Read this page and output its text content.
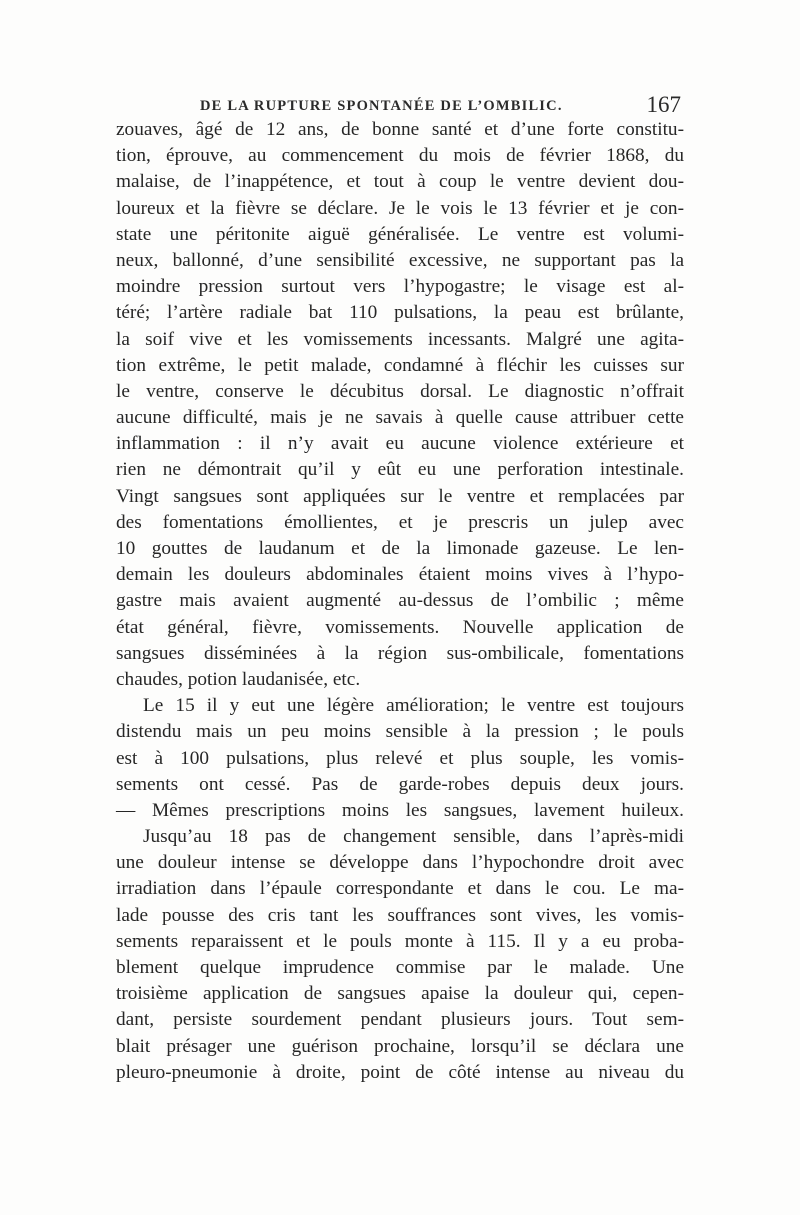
DE LA RUPTURE SPONTANÉE DE L’OMBILIC.	167
zouaves, âgé de 12 ans, de bonne santé et d’une forte constitu-
tion, éprouve, au commencement du mois de février 1868, du
malaise, de l’inappétence, et tout à coup le ventre devient dou-
loureux et la fièvre se déclare. Je le vois le 13 février et je con-
state une péritonite aiguë généralisée. Le ventre est volumi-
neux, ballonné, d’une sensibilité excessive, ne supportant pas la
moindre pression surtout vers l’hypogastre; le visage est al-
téré; l’artère radiale bat 110 pulsations, la peau est brûlante,
la soif vive et les vomissements incessants. Malgré une agita-
tion extrême, le petit malade, condamné à fléchir les cuisses sur
le ventre, conserve le décubitus dorsal. Le diagnostic n’offrait
aucune difficulté, mais je ne savais à quelle cause attribuer cette
inflammation : il n’y avait eu aucune violence extérieure et
rien ne démontrait qu’il y eût eu une perforation intestinale.
Vingt sangsues sont appliquées sur le ventre et remplacées par
des fomentations émollientes, et je prescris un julep avec
10 gouttes de laudanum et de la limonade gazeuse. Le len-
demain les douleurs abdominales étaient moins vives à l’hypo-
gastre mais avaient augmenté au-dessus de l’ombilic ; même
état général, fièvre, vomissements. Nouvelle application de
sangsues disséminées à la région sus-ombilicale, fomentations
chaudes, potion laudanisée, etc.
Le 15 il y eut une légère amélioration; le ventre est toujours
distendu mais un peu moins sensible à la pression ; le pouls
est à 100 pulsations, plus relevé et plus souple, les vomis-
sements ont cessé. Pas de garde-robes depuis deux jours.
— Mêmes prescriptions moins les sangsues, lavement huileux.
Jusqu’au 18 pas de changement sensible, dans l’après-midi
une douleur intense se développe dans l’hypochondre droit avec
irradiation dans l’épaule correspondante et dans le cou. Le ma-
lade pousse des cris tant les souffrances sont vives, les vomis-
sements reparaissent et le pouls monte à 115. Il y a eu proba-
blement quelque imprudence commise par le malade. Une
troisième application de sangsues apaise la douleur qui, cepen-
dant, persiste sourdement pendant plusieurs jours. Tout sem-
blait présager une guérison prochaine, lorsqu’il se déclara une
pleuro-pneumonie à droite, point de côté intense au niveau du
